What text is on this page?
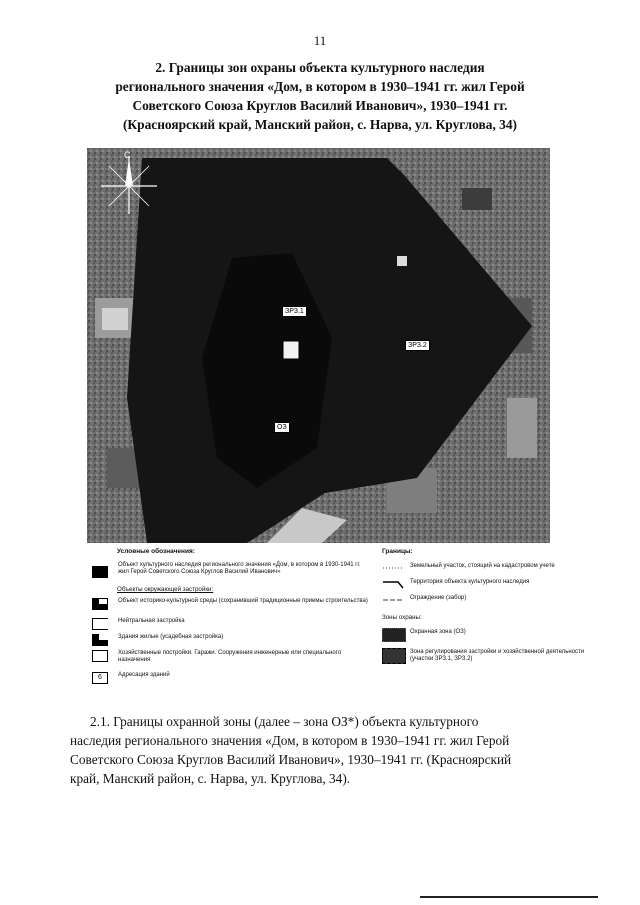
11
2. Границы зон охраны объекта культурного наследия
регионального значения «Дом, в котором в 1930–1941 гг. жил Герой
Советского Союза Круглов Василий Иванович», 1930–1941 гг.
(Красноярский край, Манский район, с. Нарва, ул. Круглова, 34)
С
ЗРЗ.1
ЗРЗ.2
ОЗ
Условные обозначения:
Объект культурного наследия регионального значения «Дом, в котором в 1930-1941 гг. жил Герой Советского Союза Круглов Василий Иванович»
Объекты окружающей застройки:
Объект историко-культурной среды (сохранивший традиционные приемы строительства)
Нейтральная застройка
Здания жилые (усадебная застройка)
Хозяйственные постройки. Гаражи. Сооружения инженерные или специального назначения
6	Адресация зданий
Границы:
Земельный участок, стоящий на кадастровом учете
Территория объекта культурного наследия
Ограждение (забор)
Зоны охраны:
Охранная зона (ОЗ)
Зона регулирования застройки и хозяйственной деятельности (участки ЗРЗ.1, ЗРЗ.2)
2.1. Границы охранной зоны (далее – зона ОЗ*) объекта культурного
наследия регионального значения «Дом, в котором в 1930–1941 гг. жил Герой
Советского Союза Круглов Василий Иванович», 1930–1941 гг. (Красноярский
край, Манский район, с. Нарва, ул. Круглова, 34).
